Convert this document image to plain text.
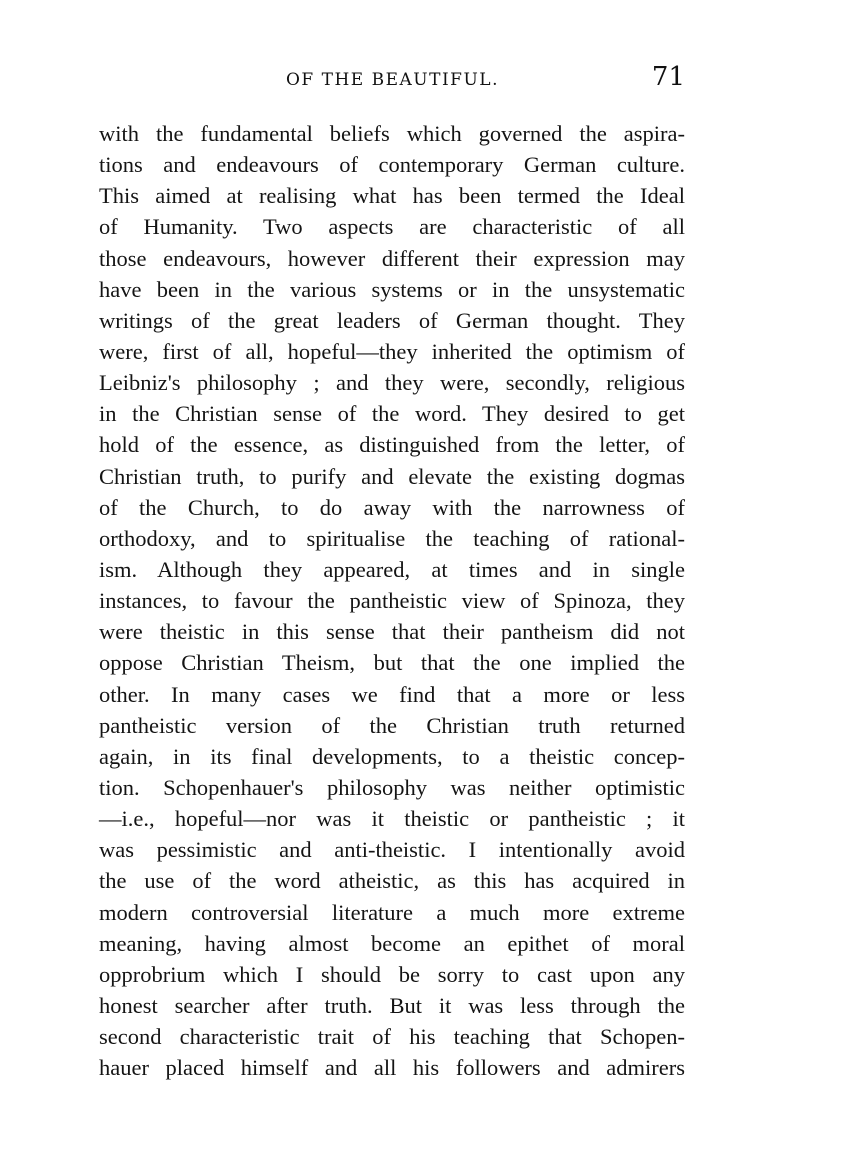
OF THE BEAUTIFUL.	71
with the fundamental beliefs which governed the aspira-
tions and endeavours of contemporary German culture.
This aimed at realising what has been termed the Ideal
of Humanity. Two aspects are characteristic of all
those endeavours, however different their expression may
have been in the various systems or in the unsystematic
writings of the great leaders of German thought. They
were, first of all, hopeful—they inherited the optimism of
Leibniz's philosophy ; and they were, secondly, religious
in the Christian sense of the word. They desired to get
hold of the essence, as distinguished from the letter, of
Christian truth, to purify and elevate the existing dogmas
of the Church, to do away with the narrowness of
orthodoxy, and to spiritualise the teaching of rational-
ism. Although they appeared, at times and in single
instances, to favour the pantheistic view of Spinoza, they
were theistic in this sense that their pantheism did not
oppose Christian Theism, but that the one implied the
other. In many cases we find that a more or less
pantheistic version of the Christian truth returned
again, in its final developments, to a theistic concep-
tion. Schopenhauer's philosophy was neither optimistic
—i.e., hopeful—nor was it theistic or pantheistic ; it
was pessimistic and anti-theistic. I intentionally avoid
the use of the word atheistic, as this has acquired in
modern controversial literature a much more extreme
meaning, having almost become an epithet of moral
opprobrium which I should be sorry to cast upon any
honest searcher after truth. But it was less through the
second characteristic trait of his teaching that Schopen-
hauer placed himself and all his followers and admirers
